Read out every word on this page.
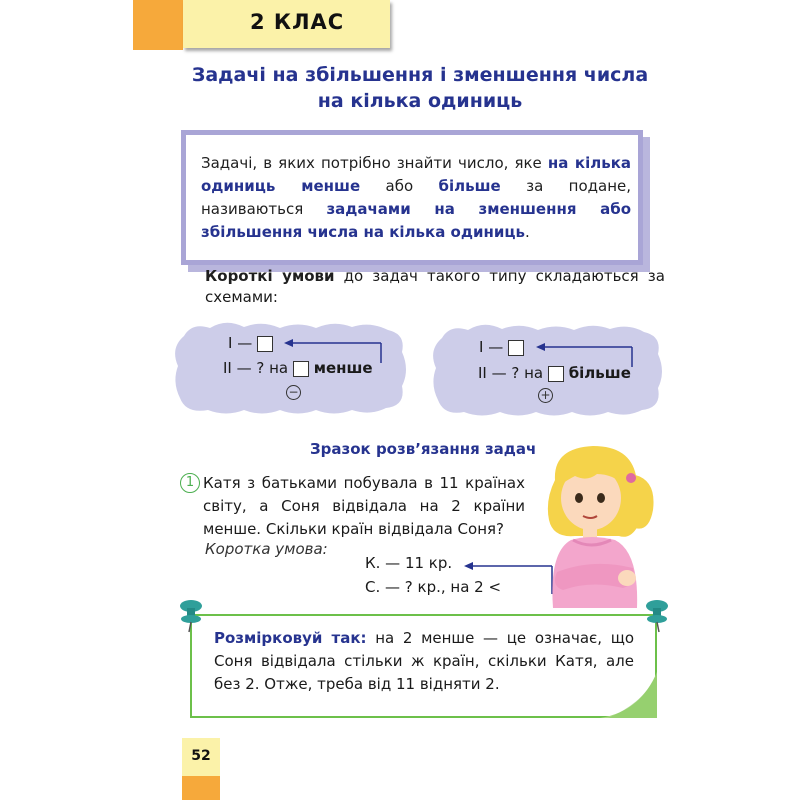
2 КЛАС
Задачі на збільшення і зменшення числа
на кілька одиниць
Задачі, в яких потрібно знайти число, яке на кілька одиниць менше або більше за подане, називаються задачами на зменшення або збільшення числа на кілька одиниць.
Короткі умови до задач такого типу складаються за схемами:
І —
ІІ — ? на менше
−
І —
ІІ — ? на більше
+
Зразок розв’язання задач
1 Катя з батьками побувала в 11 країнах світу, а Соня відвідала на 2 країни менше. Скільки країн відвідала Соня?
Коротка умова:
К. — 11 кр.
С. — ? кр., на 2 <
Розмірковуй так: на 2 менше — це означає, що Соня відвідала стільки ж країн, скільки Катя, але без 2. Отже, треба від 11 відняти 2.
52
